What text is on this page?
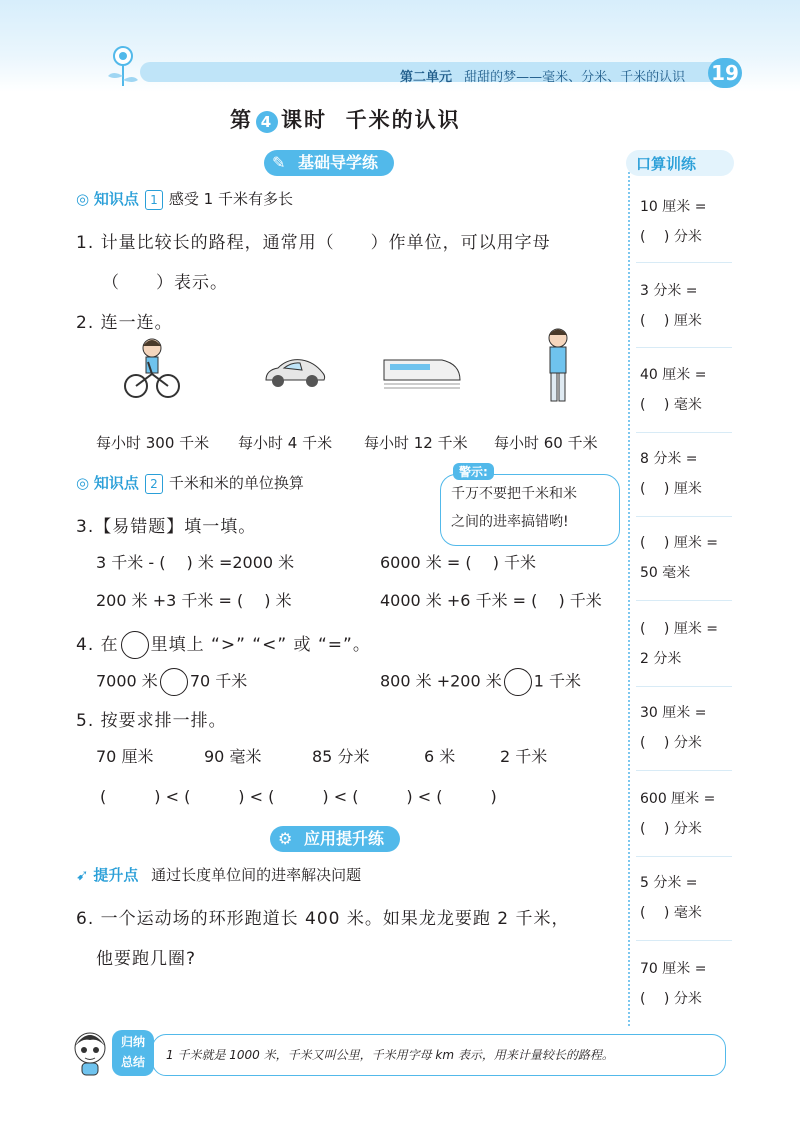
第二单元 甜甜的梦——毫米、分米、千米的认识 19
第 4 课时  千米的认识
✎ 基础导学练
◎ 知识点 1 感受 1 千米有多长
1. 计量比较长的路程，通常用（　　）作单位，可以用字母
（　　）表示。
2. 连一连。
每小时 300 千米 每小时 4 千米 每小时 12 千米 每小时 60 千米
◎ 知识点 2 千米和米的单位换算
警示:
千万不要把千米和米
之间的进率搞错哟!
3.【易错题】填一填。
3 千米 - (　 ) 米 =2000 米	6000 米 = (　 ) 千米
200 米 +3 千米 = (　 ) 米	4000 米 +6 千米 = (　 ) 千米
4. 在 里填上 “>” “<” 或 “=”。
7000 米 70 千米	800 米 +200 米 1 千米
5. 按要求排一排。
70 厘米	90 毫米	85 分米	6 米	2 千米
(　　　) < (　　　) < (　　　) < (　　　) < (　　　)
⚙ 应用提升练
➹ 提升点 通过长度单位间的进率解决问题
6. 一个运动场的环形跑道长 400 米。如果龙龙要跑 2 千米，
他要跑几圈?
口算训练
10 厘米 =
(　 ) 分米
3 分米 =
(　 ) 厘米
40 厘米 =
(　 ) 毫米
8 分米 =
(　 ) 厘米
(　 ) 厘米 =
50 毫米
(　 ) 厘米 =
2 分米
30 厘米 =
(　 ) 分米
600 厘米 =
(　 ) 分米
5 分米 =
(　 ) 毫米
70 厘米 =
(　 ) 分米
归纳
总结	1 千米就是 1000 米，千米又叫公里，千米用字母 km 表示，用来计量较长的路程。
